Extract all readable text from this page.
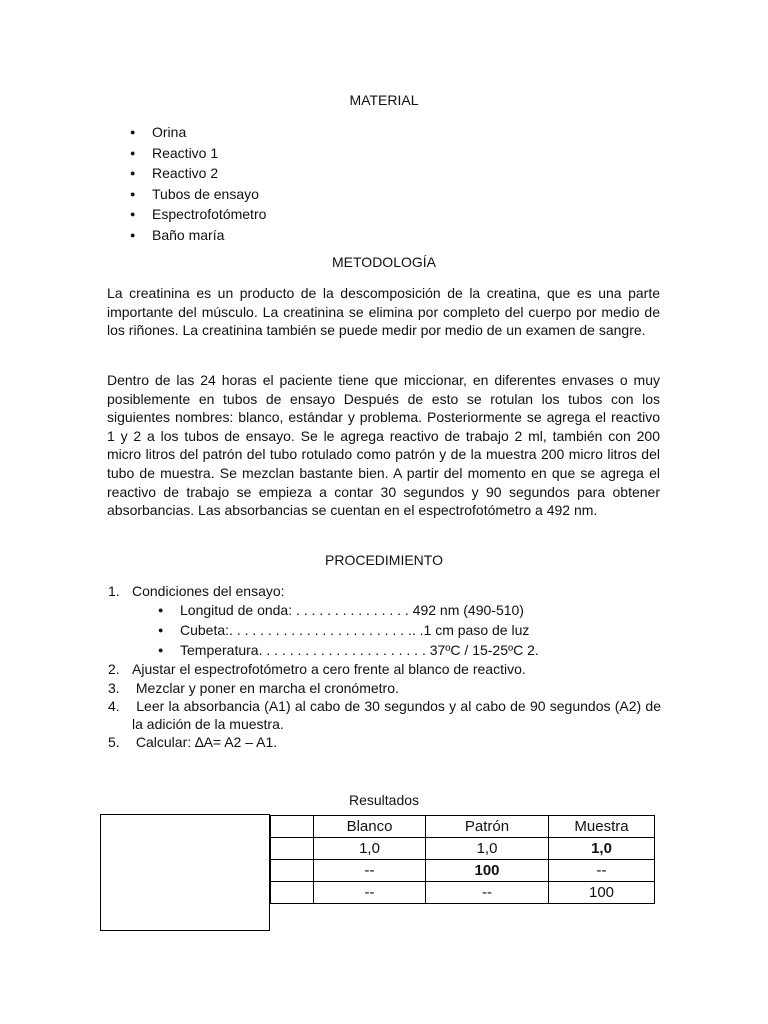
MATERIAL
● Orina
● Reactivo 1
● Reactivo 2
● Tubos de ensayo
● Espectrofotómetro
● Baño maría
METODOLOGÍA

La creatinina es un producto de la descomposición de la creatina, que es una parte importante del músculo. La creatinina se elimina por completo del cuerpo por medio de los riñones. La creatinina también se puede medir por medio de un examen de sangre.

Dentro de las 24 horas el paciente tiene que miccionar, en diferentes envases o muy posiblemente en tubos de ensayo Después de esto se rotulan los tubos con los siguientes nombres: blanco, estándar y problema. Posteriormente se agrega el reactivo 1 y 2 a los tubos de ensayo. Se le agrega reactivo de trabajo 2 ml, también con 200 micro litros del patrón del tubo rotulado como patrón y de la muestra 200 micro litros del tubo de muestra. Se mezclan bastante bien. A partir del momento en que se agrega el reactivo de trabajo se empieza a contar 30 segundos y 90 segundos para obtener absorbancias. Las absorbancias se cuentan en el espectrofotómetro a 492 nm.

PROCEDIMIENTO
1. Condiciones del ensayo:
● Longitud de onda: . . . . . . . . . . . . . . . 492 nm (490-510)
● Cubeta:. . . . . . . . . . . . . . . . . . . . . . . .. .1 cm paso de luz
● Temperatura. . . . . . . . . . . . . . . . . . . . . . 37ºC / 15-25ºC 2.
2. Ajustar el espectrofotómetro a cero frente al blanco de reactivo.
3. Mezclar y poner en marcha el cronómetro.
4. Leer la absorbancia (A1) al cabo de 30 segundos y al cabo de 90 segundos (A2) de la adición de la muestra.
5. Calcular: ∆A= A2 – A1.
Resultados
	Blanco	Patrón	Muestra
	1,0	1,0	1,0
	--	100	--
	--	--	100
